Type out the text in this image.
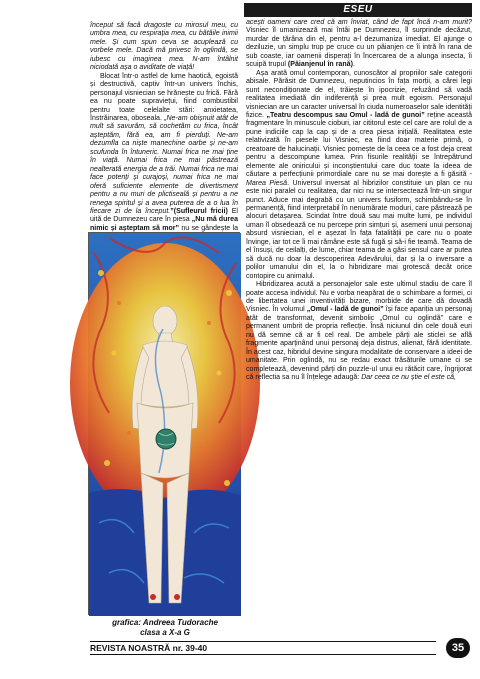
ESEU

început să facă dragoste cu mirosul meu, cu umbra mea, cu respirația mea, cu bătăile inimii mele. Și cum spun ceva se acuplează cu vorbele mele. Dacă mă privesc în oglindă, se iubesc cu imaginea mea. N-am întâlnit niciodată așa o aviditate de viață!

Blocat într-o astfel de lume haotică, egoistă și destructivă, captiv într-un univers închis, personajul visniecian se hrănește cu frică. Fără ea nu poate supraviețui, fiind combustibil pentru toate celelalte stări: anxietatea, înstrăinarea, oboseala. „Ne-am obișnuit atât de mult să savurăm, să cochetăm cu frica, încât așteptăm, fără ea, am fi pierduți. Ne-am dezumfla ca niște manechine oarbe și ne-am scufunda în întuneric. Numai frica ne mai ține în viață. Numai frica ne mai păstrează nealterată energia de a trăi. Numai frica ne mai face potenți și curajoși, numai frica ne mai oferă suficiente elemente de divertisment pentru a nu muri de plictiseală și pentru a ne renega spiritul și a avea puterea de a o lua în fiecare zi de la început.”(Sufleurul fricii) El uită de Dumnezeu care în piesa „Nu mă durea nimic și așteptam să mor” nu se gândește la

grafica: Andreea Tudorache
clasa a X-a G

acești oameni care cred că am înviat, când de fapt încă n-am murit? Visniec îl umanizează mai întâi pe Dumnezeu, îl surprinde decăzut, murdar de țărâna din el, pentru a-l dezumaniza imediat. El ajunge o deziluzie, un simplu trup pe cruce cu un păianjen ce îi intră în rana de sub coaste, iar oamenii disperați în încercarea de a alunga insecta, îi scuipă trupul (Păianjenul în rană).

Așa arată omul contemporan, cunoscător al propriilor sale categorii abisale. Părăsit de Dumnezeu, neputincios în fața morții, a cărei legi sunt necondiționate de el, trăiește în ipocrizie, refuzând să vadă realitatea imediată din indiferență și prea mult egoism. Personajul visniecian are un caracter universal în ciuda numeroaselor sale identități fizice. „Teatru descompus sau Omul - ladă de gunoi” reține această fragmentare în minuscule cioburi, iar cititorul este cel care are rolul de a pune indiciile cap la cap și de a crea piesa inițială. Realitatea este relativizată în piesele lui Visniec, ea fiind doar materie primă, o creatoare de halucinații. Visniec pornește de la ceea ce a fost deja creat pentru a descompune lumea. Prin fisurile realității se întrepătrund elemente ale oniricului și inconștientului care duc toate la ideea de căutare a perfecțiunii primordiale care nu se mai dorește a fi găsită - Marea Piesă. Universul inversat al hibrizilor constituie un plan ce nu este nici paralel cu realitatea, dar nici nu se intersectează într-un singur punct. Aduce mai degrabă cu un univers fusiform, schimbându-se în permanență, fiind interpretabil în nenumărate moduri, care păstrează pe alocuri detașarea. Scindat între două sau mai multe lumi, pe individul uman îl obsedează ce nu percepe prin simțuri și, asemeni unui personaj absurd visniecian, el e așezat în fața fatalității pe care nu o poate învinge, iar tot ce îi mai rămâne este să fugă și să-i fie teamă. Teama de el însuși, de ceilalți, de lume, chiar teama de a găsi sensul care ar putea să ducă nu doar la descoperirea Adevărului, dar și la o inversare a polilor umanului din el, la o hibridizare mai grotescă decât orice contopire cu animalul.

Hibridizarea acută a personajelor sale este ultimul stadiu de care îl poate accesa individul. Nu e vorba neapărat de o schimbare a formei, ci de libertatea unei inventivități bizare, morbide de care dă dovadă Visniec. În volumul „Omul - ladă de gunoi” își face apariția un personaj atât de transformat, devenit simbolic „Omul cu oglindă” care e permanent umbrit de propria reflecție. Însă niciunul din cele două euri nu dă semne că ar fi cel real. De ambele părți ale sticlei se află fragmente aparținând unui personaj deja distrus, alienat, fără identitate. În acest caz, hibridul devine singura modalitate de conservare a ideei de umanitate. Prin oglindă, nu se redau exact trăsăturile umane ci se completează, devenind părți din puzzle-ul unui eu rătăcit care, îngrijorat că reflectia sa nu îl înțelege adaugă: Dar ceea ce nu știe el este că,

REVISTA NOASTRĂ nr. 39-40	35
